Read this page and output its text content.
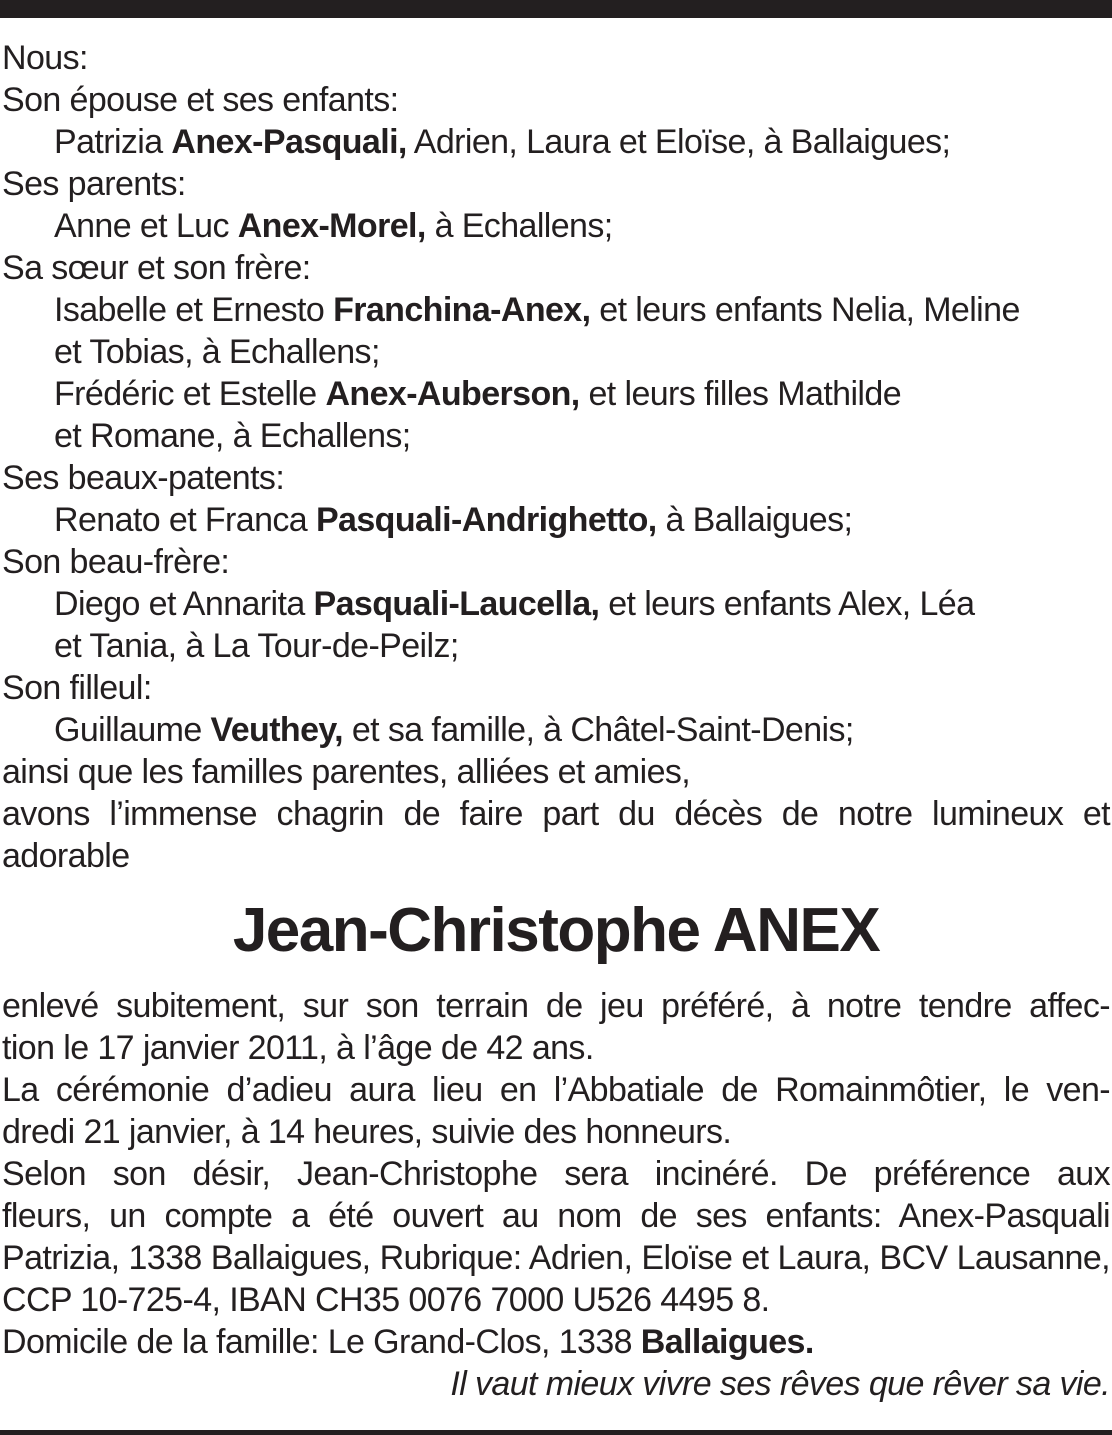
Nous:
Son épouse et ses enfants:
Patrizia Anex-Pasquali, Adrien, Laura et Eloïse, à Ballaigues;
Ses parents:
Anne et Luc Anex-Morel, à Echallens;
Sa sœur et son frère:
Isabelle et Ernesto Franchina-Anex, et leurs enfants Nelia, Meline
et Tobias, à Echallens;
Frédéric et Estelle Anex-Auberson, et leurs filles Mathilde
et Romane, à Echallens;
Ses beaux-patents:
Renato et Franca Pasquali-Andrighetto, à Ballaigues;
Son beau-frère:
Diego et Annarita Pasquali-Laucella, et leurs enfants Alex, Léa
et Tania, à La Tour-de-Peilz;
Son filleul:
Guillaume Veuthey, et sa famille, à Châtel-Saint-Denis;
ainsi que les familles parentes, alliées et amies,
avons l’immense chagrin de faire part du décès de notre lumineux et
adorable
Jean-Christophe ANEX
enlevé subitement, sur son terrain de jeu préféré, à notre tendre affec-
tion le 17 janvier 2011, à l’âge de 42 ans.
La cérémonie d’adieu aura lieu en l’Abbatiale de Romainmôtier, le ven-
dredi 21 janvier, à 14 heures, suivie des honneurs.
Selon son désir, Jean-Christophe sera incinéré. De préférence aux
fleurs, un compte a été ouvert au nom de ses enfants: Anex-Pasquali
Patrizia, 1338 Ballaigues, Rubrique: Adrien, Eloïse et Laura, BCV Lausanne,
CCP 10-725-4, IBAN CH35 0076 7000 U526 4495 8.
Domicile de la famille: Le Grand-Clos, 1338 Ballaigues.
Il vaut mieux vivre ses rêves que rêver sa vie.
